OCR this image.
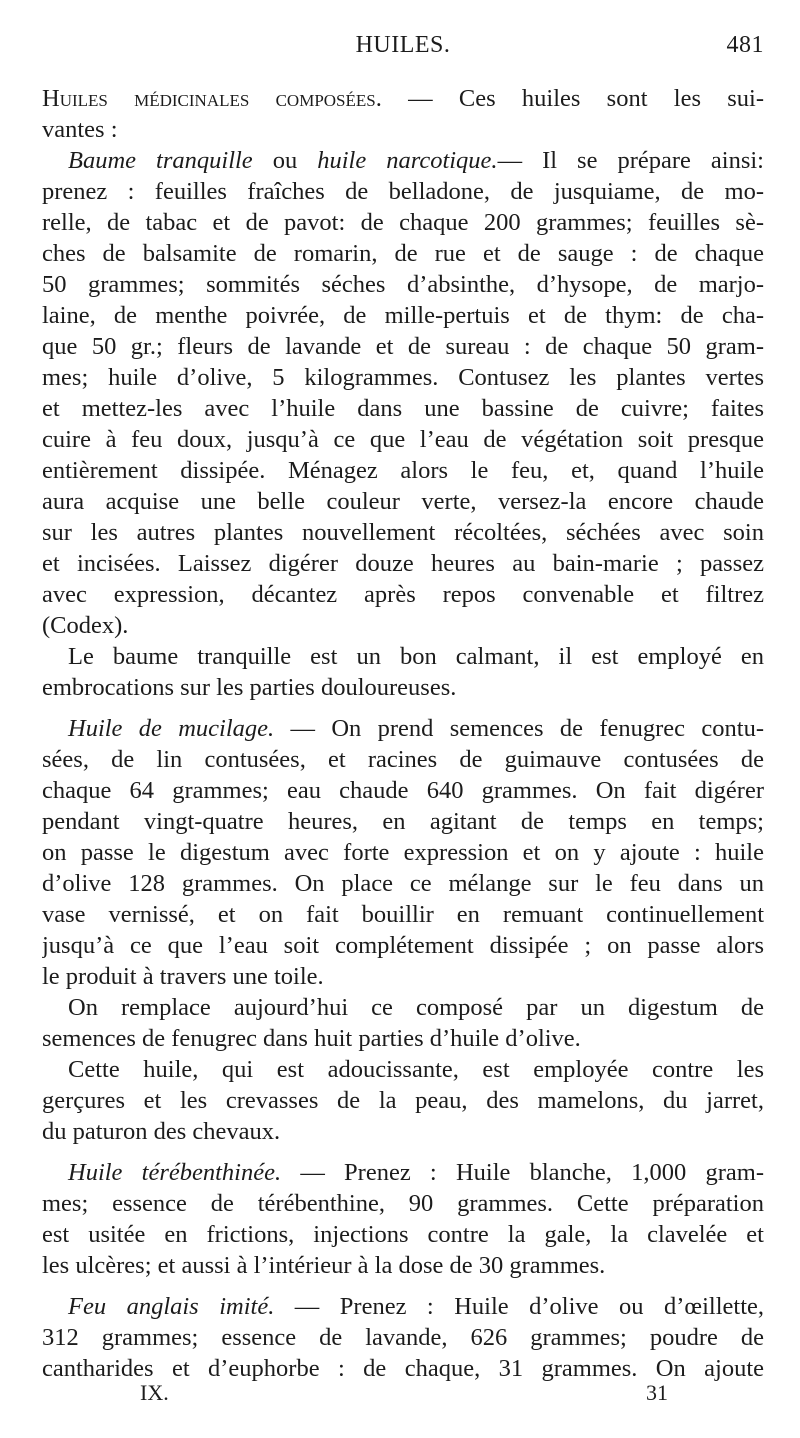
HUILES.	481
Huiles médicinales composées. — Ces huiles sont les sui-
vantes :
Baume tranquille ou huile narcotique.— Il se prépare ainsi:
prenez : feuilles fraîches de belladone, de jusquiame, de mo-
relle, de tabac et de pavot: de chaque 200 grammes; feuilles sè-
ches de balsamite de romarin, de rue et de sauge : de chaque
50 grammes; sommités séches d’absinthe, d’hysope, de marjo-
laine, de menthe poivrée, de mille-pertuis et de thym: de cha-
que 50 gr.; fleurs de lavande et de sureau : de chaque 50 gram-
mes; huile d’olive, 5 kilogrammes. Contusez les plantes vertes
et mettez-les avec l’huile dans une bassine de cuivre; faites
cuire à feu doux, jusqu’à ce que l’eau de végétation soit presque
entièrement dissipée. Ménagez alors le feu, et, quand l’huile
aura acquise une belle couleur verte, versez-la encore chaude
sur les autres plantes nouvellement récoltées, séchées avec soin
et incisées. Laissez digérer douze heures au bain-marie ; passez
avec expression, décantez après repos convenable et filtrez
(Codex).
Le baume tranquille est un bon calmant, il est employé en
embrocations sur les parties douloureuses.
Huile de mucilage. — On prend semences de fenugrec contu-
sées, de lin contusées, et racines de guimauve contusées de
chaque 64 grammes; eau chaude 640 grammes. On fait digérer
pendant vingt-quatre heures, en agitant de temps en temps;
on passe le digestum avec forte expression et on y ajoute : huile
d’olive 128 grammes. On place ce mélange sur le feu dans un
vase vernissé, et on fait bouillir en remuant continuellement
jusqu’à ce que l’eau soit complétement dissipée ; on passe alors
le produit à travers une toile.
On remplace aujourd’hui ce composé par un digestum de
semences de fenugrec dans huit parties d’huile d’olive.
Cette huile, qui est adoucissante, est employée contre les
gerçures et les crevasses de la peau, des mamelons, du jarret,
du paturon des chevaux.
Huile térébenthinée. — Prenez : Huile blanche, 1,000 gram-
mes; essence de térébenthine, 90 grammes. Cette préparation
est usitée en frictions, injections contre la gale, la clavelée et
les ulcères; et aussi à l’intérieur à la dose de 30 grammes.
Feu anglais imité. — Prenez : Huile d’olive ou d’œillette,
312 grammes; essence de lavande, 626 grammes; poudre de
cantharides et d’euphorbe : de chaque, 31 grammes. On ajoute
IX.	31
